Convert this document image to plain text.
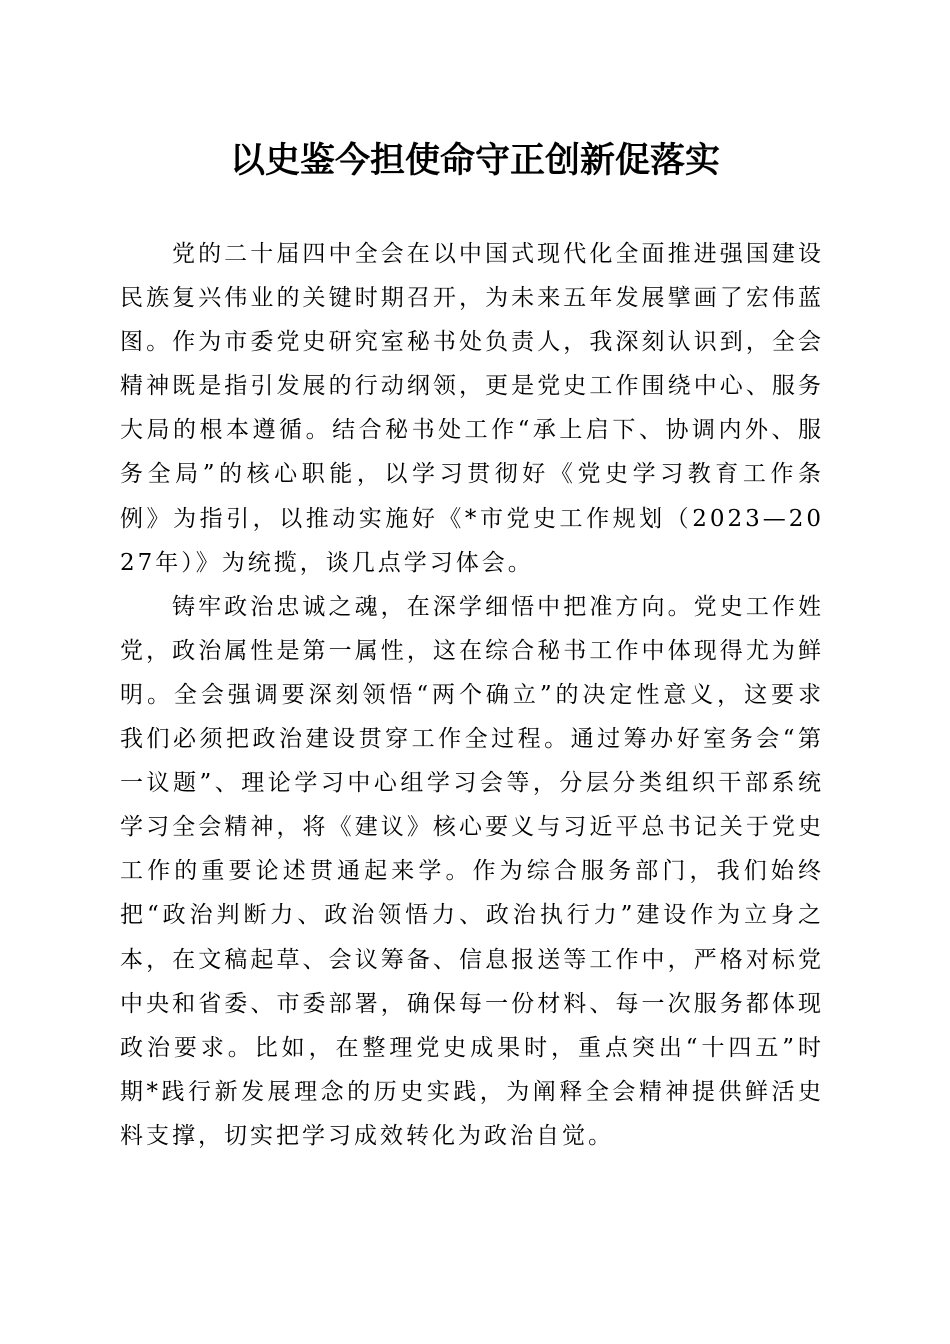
以史鉴今担使命守正创新促落实

党的二十届四中全会在以中国式现代化全面推进强国建设民族复兴伟业的关键时期召开，为未来五年发展擘画了宏伟蓝图。作为市委党史研究室秘书处负责人，我深刻认识到，全会精神既是指引发展的行动纲领，更是党史工作围绕中心、服务大局的根本遵循。结合秘书处工作“承上启下、协调内外、服务全局”的核心职能，以学习贯彻好《党史学习教育工作条例》为指引，以推动实施好《*市党史工作规划（2023—2027年）》为统揽，谈几点学习体会。

铸牢政治忠诚之魂，在深学细悟中把准方向。党史工作姓党，政治属性是第一属性，这在综合秘书工作中体现得尤为鲜明。全会强调要深刻领悟“两个确立”的决定性意义，这要求我们必须把政治建设贯穿工作全过程。通过筹办好室务会“第一议题”、理论学习中心组学习会等，分层分类组织干部系统学习全会精神，将《建议》核心要义与习近平总书记关于党史工作的重要论述贯通起来学。作为综合服务部门，我们始终把“政治判断力、政治领悟力、政治执行力”建设作为立身之本，在文稿起草、会议筹备、信息报送等工作中，严格对标党中央和省委、市委部署，确保每一份材料、每一次服务都体现政治要求。比如，在整理党史成果时，重点突出“十四五”时期*践行新发展理念的历史实践，为阐释全会精神提供鲜活史料支撑，切实把学习成效转化为政治自觉。
